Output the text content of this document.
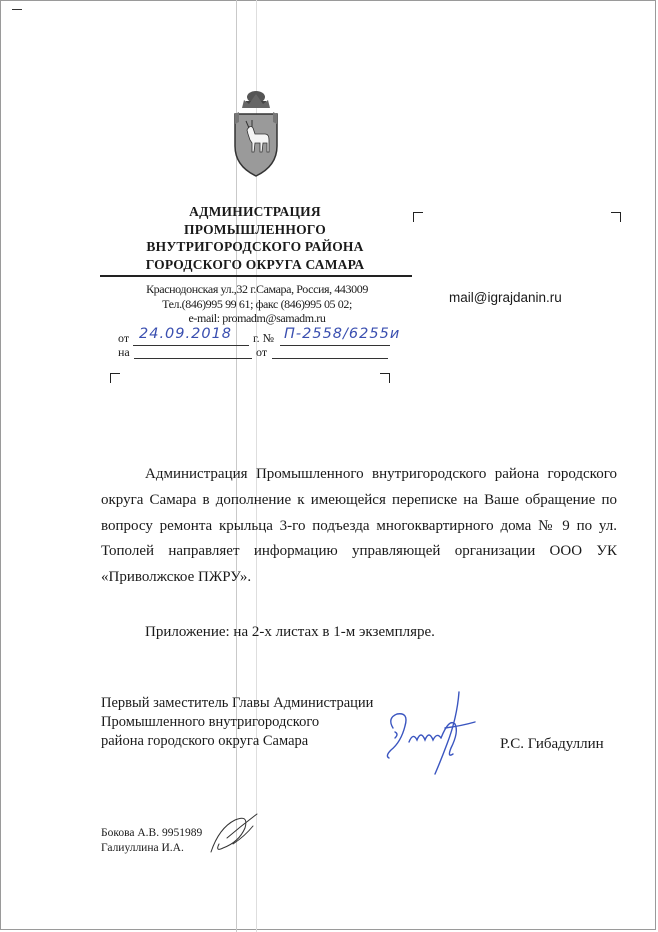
АДМИНИСТРАЦИЯ
ПРОМЫШЛЕННОГО
ВНУТРИГОРОДСКОГО РАЙОНА
ГОРОДСКОГО ОКРУГА САМАРА
Краснодонская ул.,32 г.Самара, Россия, 443009
Тел.(846)995 99 61; факс (846)995 05 02;
e-mail: promadm@samadm.ru
от 24.09.2018 г. № П-2558/6255и
на	от
mail@igrajdanin.ru

Администрация Промышленного внутригородского района городского округа Самара в дополнение к имеющейся переписке на Ваше обращение по вопросу ремонта крыльца 3-го подъезда многоквартирного дома № 9 по ул. Тополей направляет информацию управляющей организации ООО УК «Приволжское ПЖРУ».

Приложение: на 2-х листах в 1-м экземпляре.
Первый заместитель Главы Администрации
Промышленного внутригородского
района городского округа Самара	Р.С. Гибадуллин
Бокова А.В. 9951989
Галиуллина И.А.
